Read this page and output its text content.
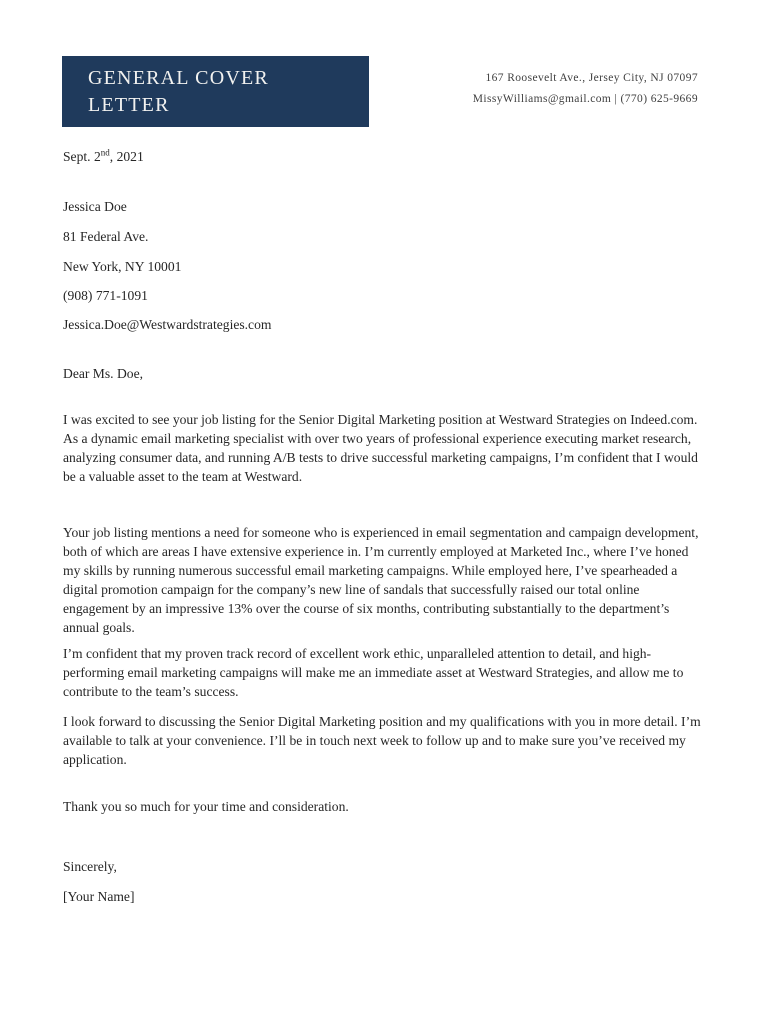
GENERAL COVER LETTER
167 Roosevelt Ave., Jersey City, NJ 07097
MissyWilliams@gmail.com | (770) 625-9669
Sept. 2nd, 2021
Jessica Doe
81 Federal Ave.
New York, NY 10001
(908) 771-1091
Jessica.Doe@Westwardstrategies.com
Dear Ms. Doe,
I was excited to see your job listing for the Senior Digital Marketing position at Westward Strategies on Indeed.com. As a dynamic email marketing specialist with over two years of professional experience executing market research, analyzing consumer data, and running A/B tests to drive successful marketing campaigns, I’m confident that I would be a valuable asset to the team at Westward.
Your job listing mentions a need for someone who is experienced in email segmentation and campaign development, both of which are areas I have extensive experience in. I’m currently employed at Marketed Inc., where I’ve honed my skills by running numerous successful email marketing campaigns. While employed here, I’ve spearheaded a digital promotion campaign for the company’s new line of sandals that successfully raised our total online engagement by an impressive 13% over the course of six months, contributing substantially to the department’s annual goals.
I’m confident that my proven track record of excellent work ethic, unparalleled attention to detail, and high-performing email marketing campaigns will make me an immediate asset at Westward Strategies, and allow me to contribute to the team’s success.
I look forward to discussing the Senior Digital Marketing position and my qualifications with you in more detail. I’m available to talk at your convenience. I’ll be in touch next week to follow up and to make sure you’ve received my application.
Thank you so much for your time and consideration.
Sincerely,
[Your Name]
